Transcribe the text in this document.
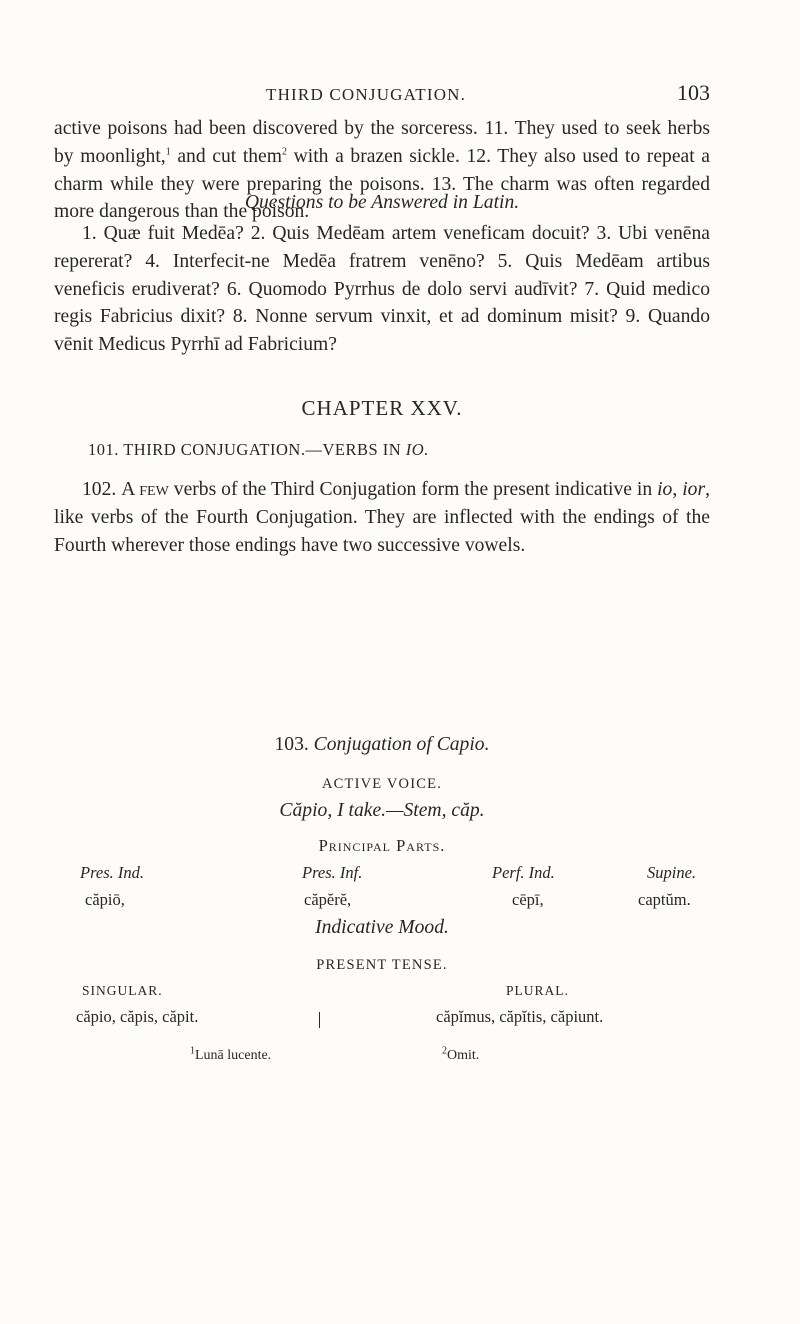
THIRD CONJUGATION.	103

active poisons had been discovered by the sorceress. 11. They used to seek herbs by moonlight,$^1$ and cut them$^2$ with a brazen sickle. 12. They also used to repeat a charm while they were preparing the poisons. 13. The charm was often regarded more dangerous than the poison.

Questions to be Answered in Latin.

1. Quæ fuit Medēa? 2. Quis Medēam artem veneficam docuit? 3. Ubi venēna repererat? 4. Interfecit-ne Medēa fratrem venēno? 5. Quis Medēam artibus veneficis erudiverat? 6. Quomodo Pyrrhus de dolo servi audīvit? 7. Quid medico regis Fabricius dixit? 8. Nonne servum vinxit, et ad dominum misit? 9. Quando vēnit Medicus Pyrrhī ad Fabricium?

CHAPTER XXV.
101. THIRD CONJUGATION.—VERBS IN IO.

102. A few verbs of the Third Conjugation form the present indicative in io, ior, like verbs of the Fourth Conjugation. They are inflected with the endings of the Fourth wherever those endings have two successive vowels.

103. Conjugation of Capio.
ACTIVE VOICE.
Căpio, I take.—Stem, căp.
Principal Parts.
Pres. Ind.	Pres. Inf.	Perf. Ind.	Supine.
căpiō,	căpĕrĕ,	cēpī,	captŭm.
Indicative Mood.
PRESENT TENSE.
SINGULAR.	PLURAL.
căpio, căpis, căpit.	căpĭmus, căpĭtis, căpiunt.
$^1$ Lunā lucente.	$^2$ Omit.
